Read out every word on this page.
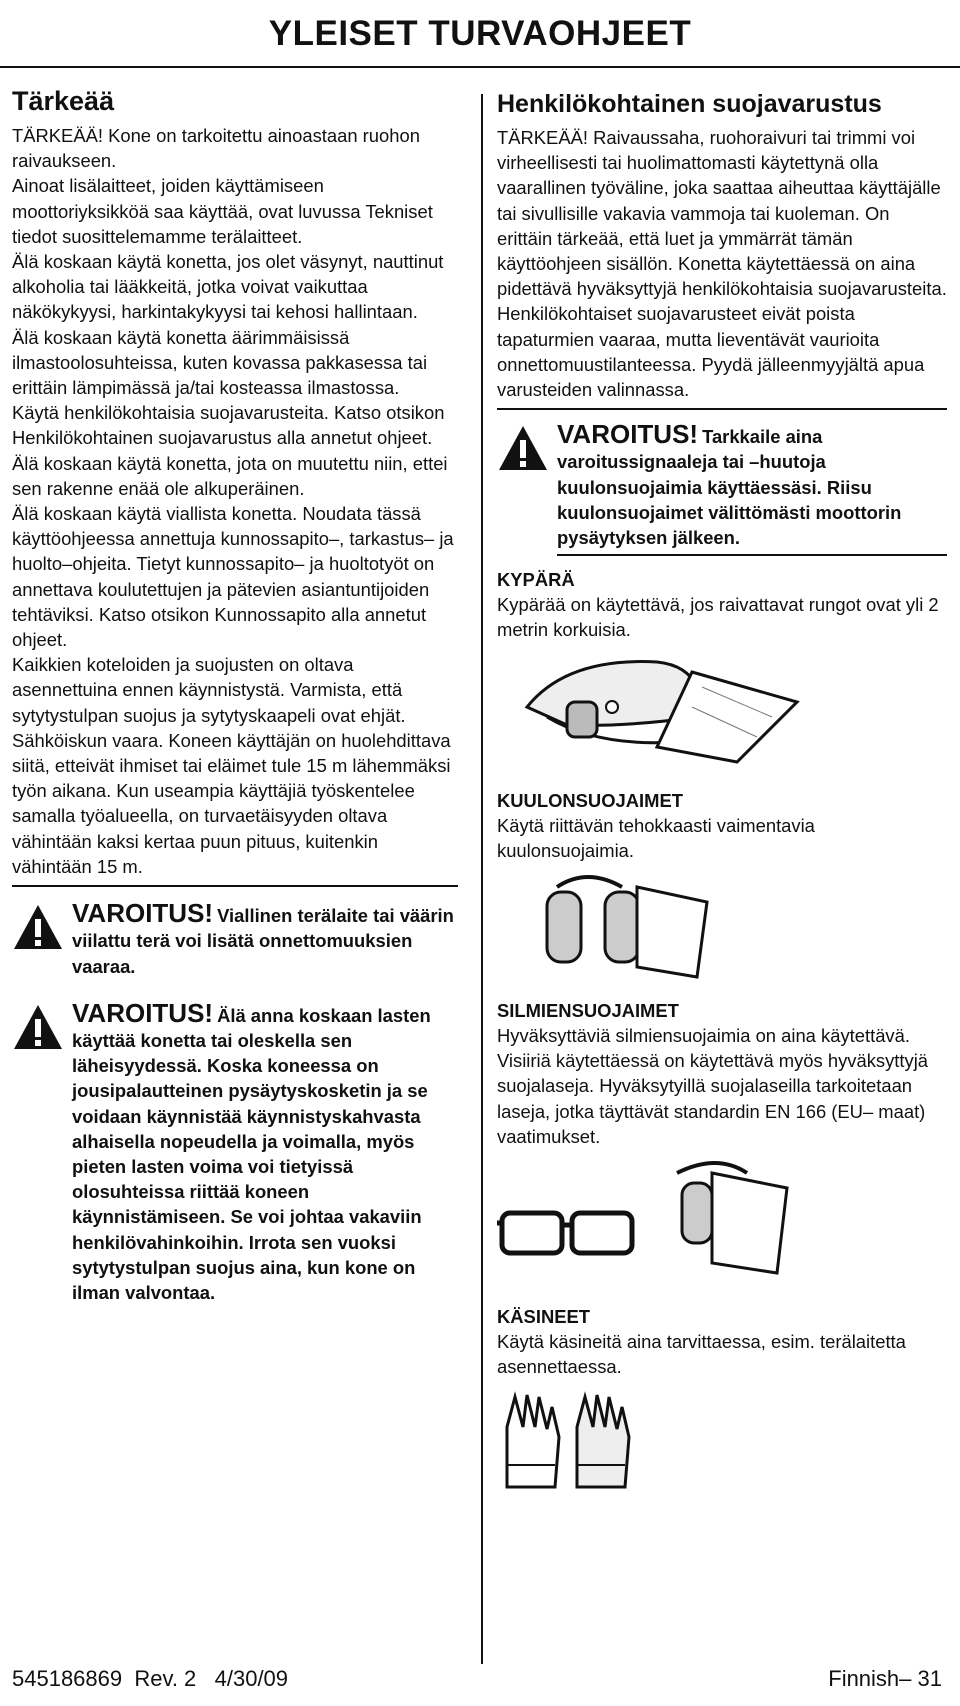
YLEISET TURVAOHJEET
Tärkeää

TÄRKEÄÄ! Kone on tarkoitettu ainoastaan ruohon raivaukseen.

Ainoat lisälaitteet, joiden käyttämiseen moottoriyksikköä saa käyttää, ovat luvussa Tekniset tiedot suosittelemamme terälaitteet.

Älä koskaan käytä konetta, jos olet väsynyt, nauttinut alkoholia tai lääkkeitä, jotka voivat vaikuttaa näkökykyysi, harkintakykyysi tai kehosi hallintaan.

Älä koskaan käytä konetta äärimmäisissä ilmastoolosuhteissa, kuten kovassa pakkasessa tai erittäin lämpimässä ja/tai kosteassa ilmastossa.

Käytä henkilökohtaisia suojavarusteita. Katso otsikon Henkilökohtainen suojavarustus alla annetut ohjeet. Älä koskaan käytä konetta, jota on muutettu niin, ettei sen rakenne enää ole alkuperäinen.

Älä koskaan käytä viallista konetta. Noudata tässä käyttöohjeessa annettuja kunnossapito–, tarkastus– ja huolto–ohjeita. Tietyt kunnossapito– ja huoltotyöt on annettava koulutettujen ja pätevien asiantuntijoiden tehtäviksi. Katso otsikon Kunnossapito alla annetut ohjeet.

Kaikkien koteloiden ja suojusten on oltava asennettuina ennen käynnistystä. Varmista, että sytytystulpan suojus ja sytytyskaapeli ovat ehjät. Sähköiskun vaara. Koneen käyttäjän on huolehdittava siitä, etteivät ihmiset tai eläimet tule 15 m lähemmäksi työn aikana. Kun useampia käyttäjiä työskentelee samalla työalueella, on turvaetäisyyden oltava vähintään kaksi kertaa puun pituus, kuitenkin vähintään 15 m.

VAROITUS! Viallinen terälaite tai väärin viilattu terä voi lisätä onnettomuuksien vaaraa.
VAROITUS! Älä anna koskaan lasten käyttää konetta tai oleskella sen läheisyydessä. Koska koneessa on jousipalautteinen pysäytyskosketin ja se voidaan käynnistää käynnistyskahvasta alhaisella nopeudella ja voimalla, myös pieten lasten voima voi tietyissä olosuhteissa riittää koneen käynnistämiseen. Se voi johtaa vakaviin henkilövahinkoihin. Irrota sen vuoksi sytytystulpan suojus aina, kun kone on ilman valvontaa.
Henkilökohtainen suojavarustus

TÄRKEÄÄ! Raivaussaha, ruohoraivuri tai trimmi voi virheellisesti tai huolimattomasti käytettynä olla vaarallinen työväline, joka saattaa aiheuttaa käyttäjälle tai sivullisille vakavia vammoja tai kuoleman. On erittäin tärkeää, että luet ja ymmärrät tämän käyttöohjeen sisällön. Konetta käytettäessä on aina pidettävä hyväksyttyjä henkilökohtaisia suojavarusteita. Henkilökohtaiset suojavarusteet eivät poista tapaturmien vaaraa, mutta lieventävät vaurioita onnettomuustilanteessa. Pyydä jälleenmyyjältä apua varusteiden valinnassa.

VAROITUS! Tarkkaile aina varoitussignaaleja tai –huutoja kuulonsuojaimia käyttäessäsi. Riisu kuulonsuojaimet välittömästi moottorin pysäytyksen jälkeen.
KYPÄRÄ

Kypärää on käytettävä, jos raivattavat rungot ovat yli 2 metrin korkuisia.

KUULONSUOJAIMET

Käytä riittävän tehokkaasti vaimentavia kuulonsuojaimia.

SILMIENSUOJAIMET

Hyväksyttäviä silmiensuojaimia on aina käytettävä. Visiiriä käytettäessä on käytettävä myös hyväksyttyjä suojalaseja. Hyväksytyillä suojalaseilla tarkoitetaan laseja, jotka täyttävät standardin EN 166 (EU– maat) vaatimukset.

KÄSINEET

Käytä käsineitä aina tarvittaessa, esim. terälaitetta asennettaessa.

545186869  Rev. 2   4/30/09	Finnish– 31
